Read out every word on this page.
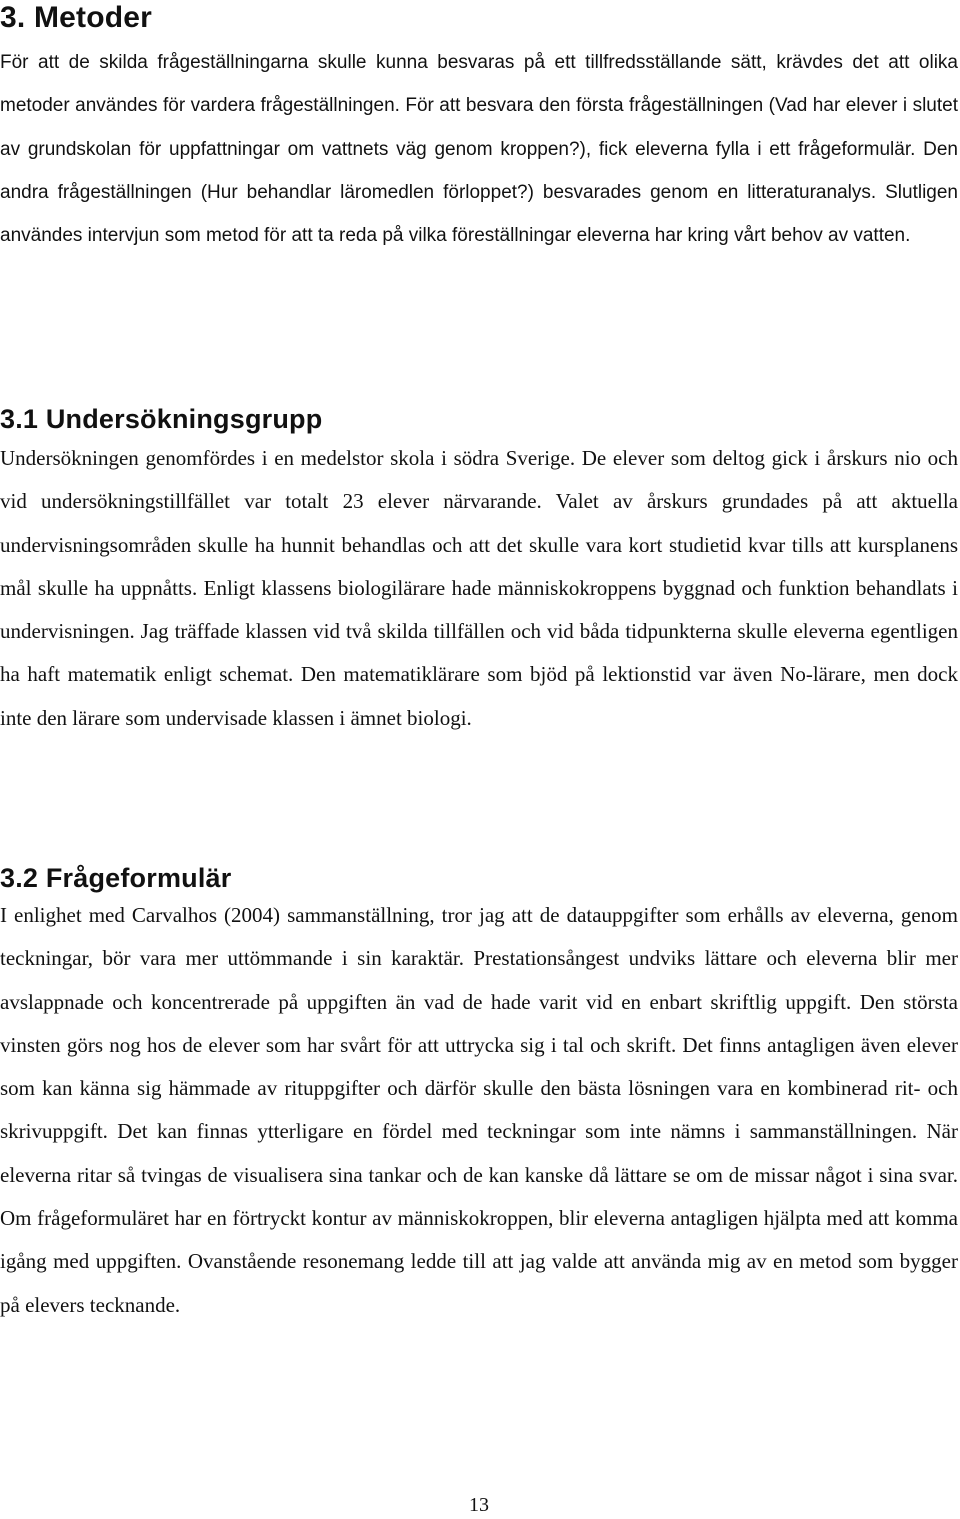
3. Metoder

För att de skilda frågeställningarna skulle kunna besvaras på ett tillfredsställande sätt, krävdes det att olika metoder användes för vardera frågeställningen. För att besvara den första frågeställningen (Vad har elever i slutet av grundskolan för uppfattningar om vattnets väg genom kroppen?), fick eleverna fylla i ett frågeformulär. Den andra frågeställningen (Hur behandlar läromedlen förloppet?) besvarades genom en litteraturanalys. Slutligen användes intervjun som metod för att ta reda på vilka föreställningar eleverna har kring vårt behov av vatten.

3.1 Undersökningsgrupp

Undersökningen genomfördes i en medelstor skola i södra Sverige. De elever som deltog gick i årskurs nio och vid undersökningstillfället var totalt 23 elever närvarande. Valet av årskurs grundades på att aktuella undervisningsområden skulle ha hunnit behandlas och att det skulle vara kort studietid kvar tills att kursplanens mål skulle ha uppnåtts. Enligt klassens biologilärare hade människokroppens byggnad och funktion behandlats i undervisningen. Jag träffade klassen vid två skilda tillfällen och vid båda tidpunkterna skulle eleverna egentligen ha haft matematik enligt schemat. Den matematiklärare som bjöd på lektionstid var även No-lärare, men dock inte den lärare som undervisade klassen i ämnet biologi.

3.2 Frågeformulär

I enlighet med Carvalhos (2004) sammanställning, tror jag att de datauppgifter som erhålls av eleverna, genom teckningar, bör vara mer uttömmande i sin karaktär. Prestationsångest undviks lättare och eleverna blir mer avslappnade och koncentrerade på uppgiften än vad de hade varit vid en enbart skriftlig uppgift. Den största vinsten görs nog hos de elever som har svårt för att uttrycka sig i tal och skrift. Det finns antagligen även elever som kan känna sig hämmade av rituppgifter och därför skulle den bästa lösningen vara en kombinerad rit- och skrivuppgift. Det kan finnas ytterligare en fördel med teckningar som inte nämns i sammanställningen. När eleverna ritar så tvingas de visualisera sina tankar och de kan kanske då lättare se om de missar något i sina svar. Om frågeformuläret har en förtryckt kontur av människokroppen, blir eleverna antagligen hjälpta med att komma igång med uppgiften. Ovanstående resonemang ledde till att jag valde att använda mig av en metod som bygger på elevers tecknande.

13
